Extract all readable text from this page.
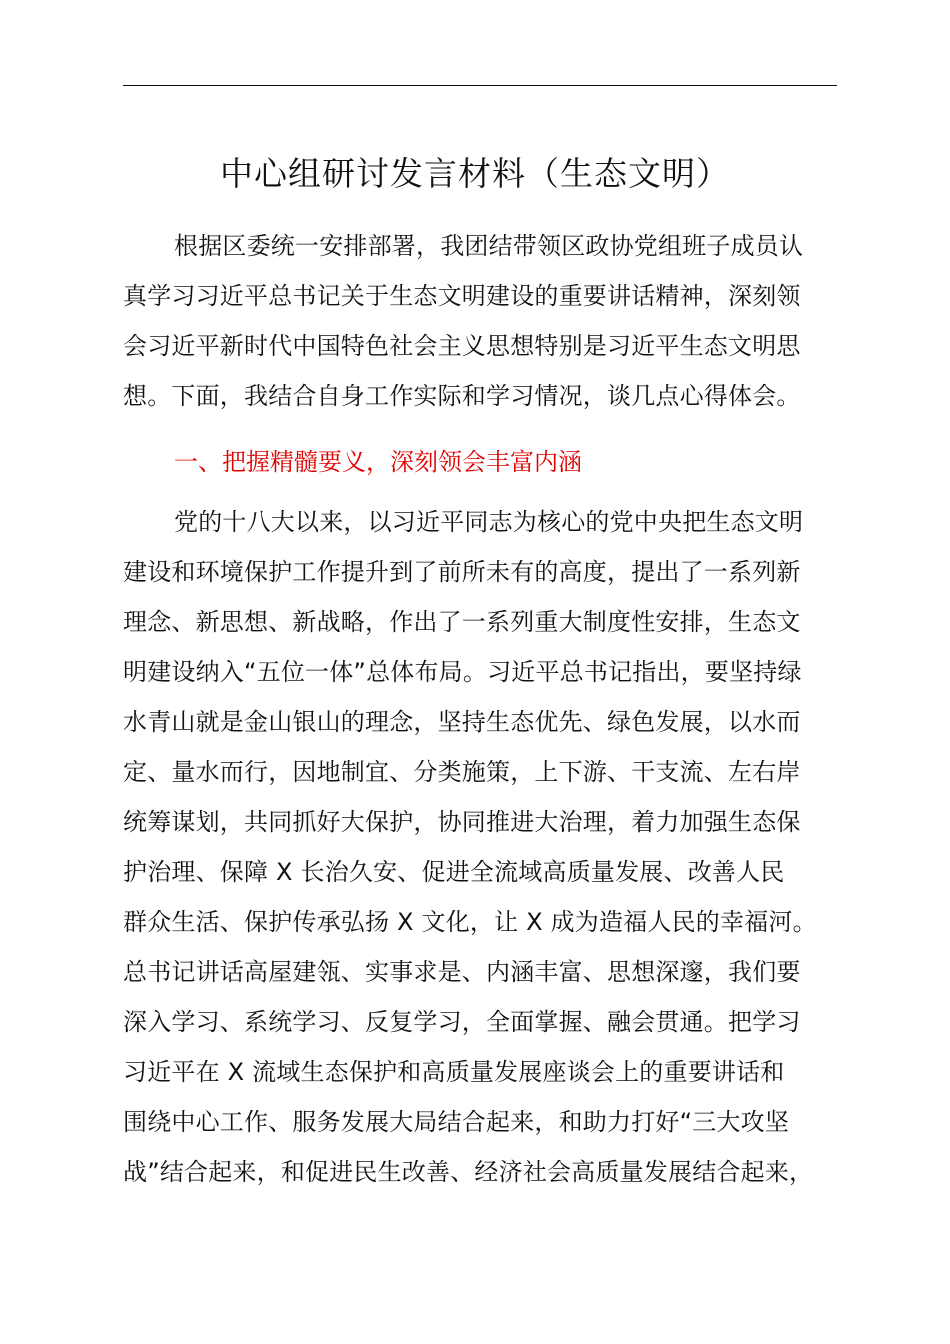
中心组研讨发言材料（生态文明）
根据区委统一安排部署，我团结带领区政协党组班子成员认
真学习习近平总书记关于生态文明建设的重要讲话精神，深刻领
会习近平新时代中国特色社会主义思想特别是习近平生态文明思
想。下面，我结合自身工作实际和学习情况，谈几点心得体会。
一、把握精髓要义，深刻领会丰富内涵
党的十八大以来，以习近平同志为核心的党中央把生态文明
建设和环境保护工作提升到了前所未有的高度，提出了一系列新
理念、新思想、新战略，作出了一系列重大制度性安排，生态文
明建设纳入“五位一体”总体布局。习近平总书记指出，要坚持绿
水青山就是金山银山的理念，坚持生态优先、绿色发展，以水而
定、量水而行，因地制宜、分类施策，上下游、干支流、左右岸
统筹谋划，共同抓好大保护，协同推进大治理，着力加强生态保
护治理、保障 X 长治久安、促进全流域高质量发展、改善人民
群众生活、保护传承弘扬 X 文化，让 X 成为造福人民的幸福河。
总书记讲话高屋建瓴、实事求是、内涵丰富、思想深邃，我们要
深入学习、系统学习、反复学习，全面掌握、融会贯通。把学习
习近平在 X 流域生态保护和高质量发展座谈会上的重要讲话和
围绕中心工作、服务发展大局结合起来，和助力打好“三大攻坚
战”结合起来，和促进民生改善、经济社会高质量发展结合起来，
